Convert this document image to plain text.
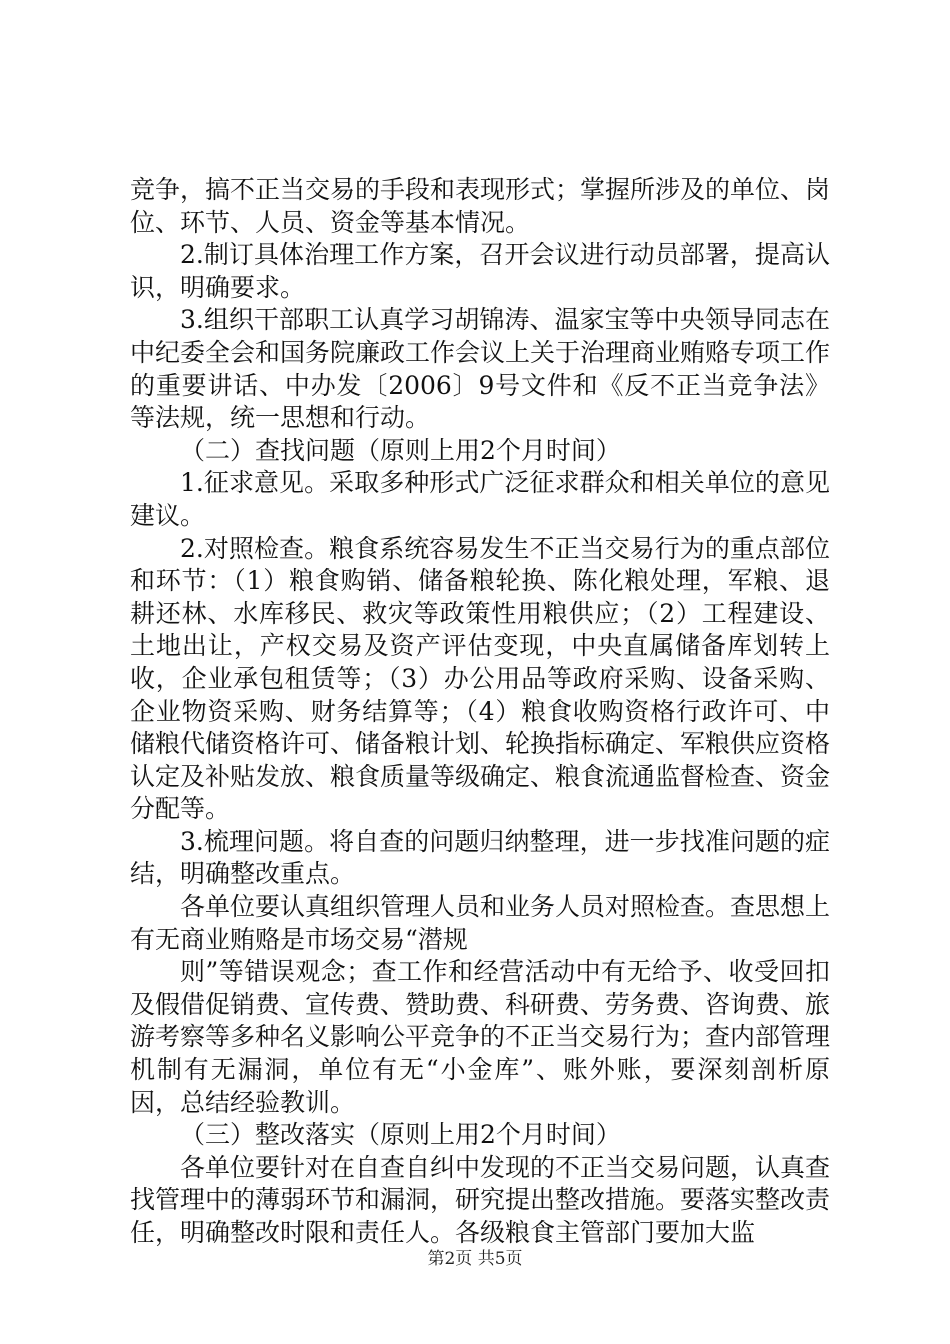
竞争，搞不正当交易的手段和表现形式；掌握所涉及的单位、岗位、环节、人员、资金等基本情况。

2.制订具体治理工作方案，召开会议进行动员部署，提高认识，明确要求。

3.组织干部职工认真学习胡锦涛、温家宝等中央领导同志在中纪委全会和国务院廉政工作会议上关于治理商业贿赂专项工作的重要讲话、中办发〔2006〕9号文件和《反不正当竞争法》等法规，统一思想和行动。

（二）查找问题（原则上用2个月时间）

1.征求意见。采取多种形式广泛征求群众和相关单位的意见建议。

2.对照检查。粮食系统容易发生不正当交易行为的重点部位和环节：（1）粮食购销、储备粮轮换、陈化粮处理，军粮、退耕还林、水库移民、救灾等政策性用粮供应；（2）工程建设、土地出让，产权交易及资产评估变现，中央直属储备库划转上收，企业承包租赁等；（3）办公用品等政府采购、设备采购、企业物资采购、财务结算等；（4）粮食收购资格行政许可、中储粮代储资格许可、储备粮计划、轮换指标确定、军粮供应资格认定及补贴发放、粮食质量等级确定、粮食流通监督检查、资金分配等。

3.梳理问题。将自查的问题归纳整理，进一步找准问题的症结，明确整改重点。

各单位要认真组织管理人员和业务人员对照检查。查思想上有无商业贿赂是市场交易“潜规

则”等错误观念；查工作和经营活动中有无给予、收受回扣及假借促销费、宣传费、赞助费、科研费、劳务费、咨询费、旅游考察等多种名义影响公平竞争的不正当交易行为；查内部管理机制有无漏洞，单位有无“小金库”、账外账，要深刻剖析原因，总结经验教训。

（三）整改落实（原则上用2个月时间）

各单位要针对在自查自纠中发现的不正当交易问题，认真查找管理中的薄弱环节和漏洞，研究提出整改措施。要落实整改责任，明确整改时限和责任人。各级粮食主管部门要加大监

第2页 共5页
